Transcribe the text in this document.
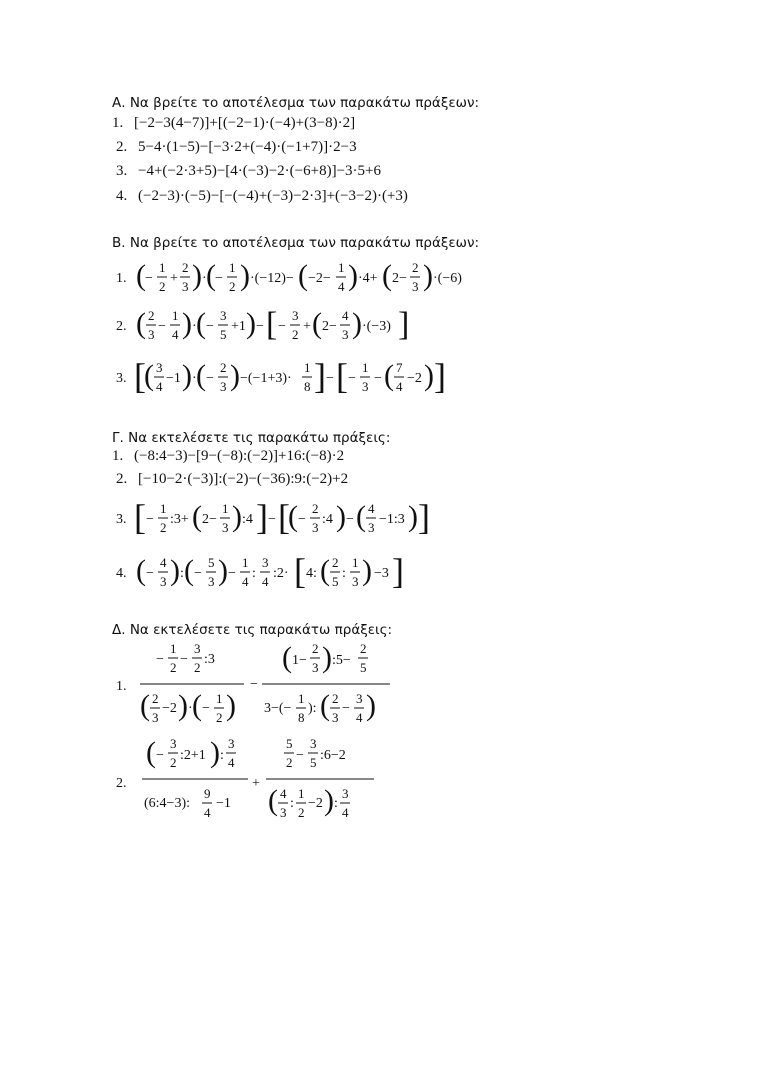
Α. Να βρείτε το αποτέλεσμα των παρακάτω πράξεων:
1. [−2−3(4−7)]+[(−2−1)·(−4)+(3−8)·2]
2. 5−4·(1−5)−[−3·2+(−4)·(−1+7)]·2−3
3. −4+(−2·3+5)−[4·(−3)−2·(−6+8)]−3·5+6
4. (−2−3)·(−5)−[−(−4)+(−3)−2·3]+(−3−2)·(+3)
Β. Να βρείτε το αποτέλεσμα των παρακάτω πράξεων:
1. ( −
1
2
+
2
3 ) · ( −
1
2 ) ·(−12)− ( −2−
1
4 ) ·4+ ( 2−
2
3 ) ·(−6)
2. ( 2
3
−
1
4 ) · ( −
3
5
+1 ) − [ −
3
2
+ ( 2−
4
3 ) ·(−3) ]
3. [
( 3
4
−1 ) · ( −
2
3 ) −(−1+3)·
1
8 ] − [ −
1
3
− ( 7
4
−2 ) ]
Γ. Να εκτελέσετε τις παρακάτω πράξεις:
1. (−8:4−3)−[9−(−8):(−2)]+16:(−8)·2
2. [−10−2·(−3)]:(−2)−(−36):9:(−2)+2
3. [ −
1
2
:3+ ( 2−
1
3 ) :4 ] − [
( −
2
3
:4 ) − ( 4
3
−1:3 ) ]
4. ( −
4
3 ) : ( −
5
3 ) −
1
4
:
3
4
:2· [ 4: ( 2
5
:
1
3 ) −3 ]
Δ. Να εκτελέσετε τις παρακάτω πράξεις:
1.
−
1
2
−
3
2
:3
( 2
3
−2 ) · ( −
1
2 )
−
( 1−
2
3 ) :5−
2
5
3−(−
1
8
): ( 2
3
−
3
4 )
2.
( −
3
2 :2+1 ) :
3
4
(6:4−3):
9
4
−1
+
5
2 −
3
5 :6−2
( 4
3
:
1
2
−2 ) :
3
4
